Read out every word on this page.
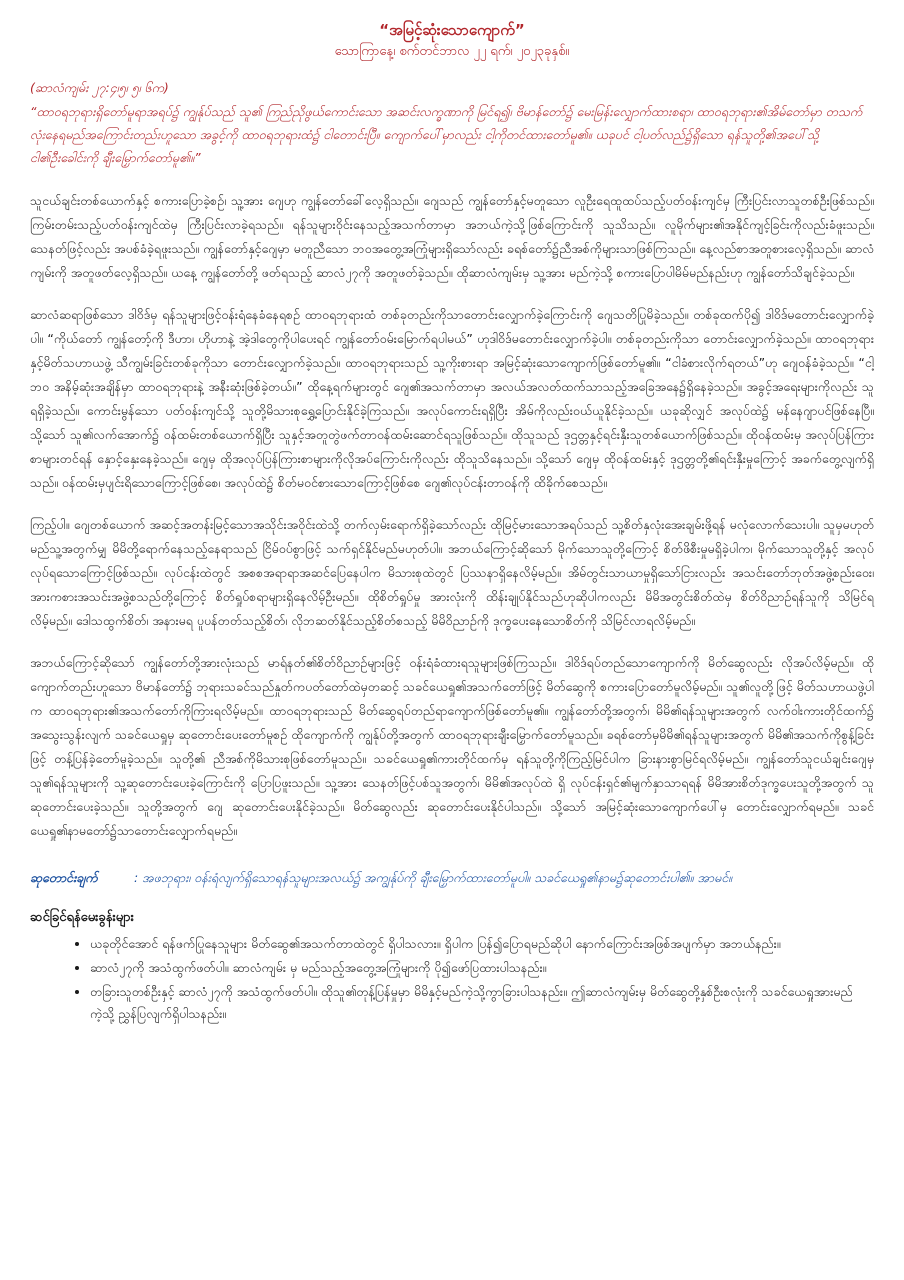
“အမြင့်ဆုံးသောကျောက်”

သောကြာနေ့၊ စက်တင်ဘာလ ၂၂ ရက်၊ ၂၀၂၃ခုနှစ်။

(ဆာလံကျမ်း ၂၇:၄၊၅၊ ၅၊ ၆က)

“ထာဝရဘုရားရှိတော်မူရာအရပ်၌ ကျွန်ုပ်သည် သူ၏ ကြည်ညိုဖွယ်ကောင်းသော အဆင်းလက္ခဏာကို မြင်ရ၍၊ ဗိမာန်တော်၌ မေးမြန်းလျှောက်ထားစရာ၊ ထာဝရဘုရား၏အိမ်တော်မှာ တသက်လုံးနေရမည်အကြောင်းတည်းဟူသော အခွင့်ကို ထာဝရဘုရားထံ၌ ငါတောင်းပြီ။ ကျောက်ပေါ်မှာလည်း ငါ့ကိုတင်ထားတော်မူ၏။ ယခုပင် ငါ့ပတ်လည်၌ရှိသော ရန်သူတို့၏အပေါ်သို့ ငါ၏ဦးခေါင်းကို ချီးမြှောက်တော်မူ၏။”

သူငယ်ချင်းတစ်ယောက်နှင့် စကားပြောခဲ့စဉ်၊ သူ့အား ဂျေဟု ကျွန်တော်ခေါ်လေ့ရှိသည်။ ဂျေသည် ကျွန်တော်နှင့်မတူသော လူဦးရေထူထပ်သည့်ပတ်ဝန်းကျင်မှ ကြီးပြင်းလာသူတစ်ဦးဖြစ်သည်။ ကြမ်းတမ်းသည့်ပတ်ဝန်းကျင်ထဲမှ ကြီးပြင်းလာခဲ့ရသည်။ ရန်သူများဝိုင်းနေသည့်အသက်တာမှာ အဘယ်ကဲ့သို့ဖြစ်ကြောင်းကို သူသိသည်။ လူမိုက်များ၏အနိုင်ကျင့်ခြင်းကိုလည်းခံဖူးသည်။ သေနတ်ဖြင့်လည်း အပစ်ခံခဲ့ရဖူးသည်။ ကျွန်တော်နှင့်ဂျေမှာ မတူညီသော ဘဝအတွေ့အကြုံများရှိသော်လည်း ခရစ်တော်၌ညီအစ်ကိုများသာဖြစ်ကြသည်။ နေ့လည်စာအတူစားလေ့ရှိသည်။ ဆာလံကျမ်းကို အတူဖတ်လေ့ရှိသည်။ ယနေ့ ကျွန်တော်တို့ ဖတ်ရသည့် ဆာလံ၂၇ကို အတူဖတ်ခဲ့သည်။ ထိုဆာလံကျမ်းမှ သူ့အား မည်ကဲ့သို့ စကားပြောပါမိမ်မည်နည်းဟု ကျွန်တော်သိချင်ခဲ့သည်။

ဆာလံဆရာဖြစ်သော ဒါဝိဒ်မှ ရန်သူများဖြင့်ဝန်းရံနေခံနေရစဉ် ထာဝရဘုရားထံ တစ်ခုတည်းကိုသာတောင်းလျှောက်ခဲ့ကြောင်းကို ဂျေသတိပြုမိခဲ့သည်။ တစ်ခုထက်ပို၍ ဒါဝိဒ်မတောင်းလျှောက်ခဲ့ပါ။ “ကိုယ်တော် ကျွန်တော့်ကို ဒီဟာ၊ ဟိုဟာနဲ့ အဲ့ဒါတွေကိုပါပေးရင် ကျွန်တော်ဝမ်းမြောက်ရပါမယ်” ဟုဒါဝိဒ်မတောင်းလျှောက်ခဲ့ပါ။ တစ်ခုတည်းကိုသာ တောင်းလျှောက်ခဲ့သည်။ ထာဝရဘုရားနှင့်မိတ်သဟာယဖွဲ့ သီကျွမ်းခြင်းတစ်ခုကိုသာ တောင်းလျှောက်ခဲ့သည်။ ထာဝရဘုရားသည် သူ့ကိုးစားရာ အမြင့်ဆုံးသောကျောက်ဖြစ်တော်မူ၏။ “ငါခံစားလိုက်ရတယ်”ဟု ဂျေဝန်ခံခဲ့သည်။ “ငါ့ဘဝ အနိမ့်ဆုံးအချိန်မှာ ထာဝရဘုရားနဲ့ အနီးဆုံးဖြစ်ခဲ့တယ်။” ထိုနေ့ရက်များတွင် ဂျေ၏အသက်တာမှာ အလယ်အလတ်ထက်သာသည့်အခြေအနေ၌ရှိနေခဲ့သည်။ အခွင့်အရေးများကိုလည်း သူရရှိခဲ့သည်။ ကောင်းမွန်သော ပတ်ဝန်းကျင်သို့ သူတို့မိသားစုရွှေ့ပြောင်းနိုင်ခဲ့ကြသည်။ အလုပ်ကောင်းရရှိပြီး အိမ်ကိုလည်းဝယ်ယူနိုင်ခဲ့သည်။ ယခုဆိုလျှင် အလုပ်ထဲ၌ မန်နေဂျာပင်ဖြစ်နေပြီ။ သို့သော် သူ၏လက်အောက်၌ ဝန်ထမ်းတစ်ယောက်ရှိပြီး သူနှင့်အတူတွဲဖက်တာဝန်ထမ်းဆောင်ရသူဖြစ်သည်။ ထိုသူသည် ဒုဌတ္တနှင့်ရင်းနှီးသူတစ်ယောက်ဖြစ်သည်။ ထိုဝန်ထမ်းမှ အလုပ်ပြန်ကြားစာများတင်ရန် နှောင့်နှေးနေခဲ့သည်။ ဂျေမှ ထိုအလုပ်ပြန်ကြားစာများကိုလိုအပ်ကြောင်းကိုလည်း ထိုသူသိနေသည်။ သို့သော် ဂျေမှ ထိုဝန်ထမ်းနှင့် ဒုဌတ္တတို့၏ရင်းနှီးမှုကြောင့် အခက်တွေ့လျက်ရှိသည်။ ဝန်ထမ်းမှပျင်းရိသောကြောင့်ဖြစ်စေ၊ အလုပ်ထဲ၌ စိတ်မဝင်စားသောကြောင့်ဖြစ်စေ ဂျေ၏လုပ်ငန်းတာဝန်ကို ထိခိုက်စေသည်။

ကြည့်ပါ၊၊ ဂျေတစ်ယောက် အဆင့်အတန်းမြင့်သောအသိုင်းအဝိုင်းထဲသို့ တက်လှမ်းရောက်ရှိခဲ့သော်လည်း ထိုမြင့်မားသောအရပ်သည် သူ့စိတ်နှလုံးအေးချမ်းဖို့ရန် မလုံလောက်သေးပါ။ သူမှမဟုတ် မည်သူ့အတွက်မျှ မိမိတို့ရောက်နေသည့်နေရာသည် ငြိမ်ဝပ်စွာဖြင့် သက်ရှင်နိုင်မည်မဟုတ်ပါ။ အဘယ်ကြောင့်ဆိုသော် မိုက်သောသူတို့ကြောင့် စိတ်ဖိစီးမှုမရှိခဲ့ပါက၊ မိုက်သောသူတို့နှင့် အလုပ်လုပ်ရသောကြောင့်ဖြစ်သည်။ လုပ်ငန်းထဲတွင် အစစအရာရာအဆင်ပြေနေပါက မိသားစုထဲတွင် ပြဿနာရှိနေလိမ့်မည်။ အိမ်တွင်းသာယာမှုရှိသော်ငြားလည်း အသင်းတော်ဘုတ်အဖွဲ့စည်းဝေး၊ အားကစားအသင်းအဖွဲ့စသည်တို့ကြောင့် စိတ်ရှုပ်စရာများရှိနေလိမ့်ဦးမည်။ ထိုစိတ်ရှုပ်မှု အားလုံးကို ထိန်းချုပ်နိုင်သည်ဟုဆိုပါကလည်း မိမိအတွင်းစိတ်ထဲမှ စိတ်ဝိညာဉ်ရန်သူကို သိမြင်ရလိမ့်မည်။ ဒေါသထွက်စိတ်၊ အနားမရ ပူပန်တတ်သည့်စိတ်၊ လိုဘဆတ်နိုင်သည့်စိတ်စသည့် မိမိဝိညာဉ်ကို ဒုက္ခပေးနေသောစိတ်ကို သိမြင်လာရလိမ့်မည်။

အဘယ်ကြောင့်ဆိုသော် ကျွန်တော်တို့အားလုံးသည် မာရ်နတ်၏စိတ်ဝိညာဉ်များဖြင့် ဝန်းရံခံထားရသူများဖြစ်ကြသည်။ ဒါဝိဒ်ရပ်တည်သောကျောက်ကို မိတ်ဆွေလည်း လိုအပ်လိမ့်မည်။ ထိုကျောက်တည်းဟူသော ဗိမာန်တော်၌ ဘုရားသခင်သည်နှုတ်ကပတ်တော်ထဲမှတဆင့် သခင်ယေရှု၏အသက်တော်ဖြင့် မိတ်ဆွေကို စကားပြောတော်မူလိမ့်မည်။ သူ၏လူတို့ဖြင့် မိတ်သဟာယဖွဲ့ပါက ထာဝရဘုရား၏အသက်တော်ကိုကြားရလိမ့်မည်။ ထာဝရဘုရားသည် မိတ်ဆွေရပ်တည်ရာကျောက်ဖြစ်တော်မူ၏။ ကျွန်တော်တို့အတွက်၊ မိမိ၏ရန်သူများအတွက် လက်ဝါးကားတိုင်ထက်၌ အသွေးသွန်းလျက် သခင်ယေရှုမှ ဆုတောင်းပေးတော်မူစဉ် ထိုကျောက်ကို ကျွန်ုပ်တို့အတွက် ထာဝရဘုရားချီးမြှောက်တော်မူသည်။ ခရစ်တော်မှမိမိ၏ရန်သူများအတွက် မိမိ၏အသက်ကိုစွန့်ခြင်းဖြင့် တန့်ပြန်ခဲ့တော်မူခဲ့သည်။ သူတို့၏ ညီအစ်ကိုမိသားစုဖြစ်တော်မူသည်။ သခင်ယေရှု၏ကားတိုင်ထက်မှ ရန်သူတို့ကိုကြည့်မြင်ပါက ခြားနားစွာမြင်ရလိမ့်မည်။ ကျွန်တော်သူငယ်ချင်းဂျေမှ သူ၏ရန်သူများကို သူ့ဆုတောင်းပေးခဲ့ကြောင်းကို ပြောပြဖူးသည်။ သူ့အား သေနတ်ဖြင့်ပစ်သူအတွက်၊ မိမိ၏အလုပ်ထဲ ရှိ လုပ်ငန်းရှင်၏မျက်နှာသာရရန် မိမိအားစိတ်ဒုက္ခပေးသူတို့အတွက် သူဆုတောင်းပေးခဲ့သည်။ သူတို့အတွက် ဂျေ ဆုတောင်းပေးနိုင်ခဲ့သည်။ မိတ်ဆွေလည်း ဆုတောင်းပေးနိုင်ပါသည်။ သို့သော် အမြင့်ဆုံးသောကျောက်ပေါ်မှ တောင်းလျှောက်ရမည်။ သခင်ယေရှု၏နာမတော်၌သာတောင်းလျှောက်ရမည်။

ဆုတောင်းချက်	: အဖဘုရား၊ ဝန်းရံလျက်ရှိသောရန်သူများအလယ်၌ အကျွန်ုပ်ကို ချီးမြှောက်ထားတော်မူပါ။ သခင်ယေရှု၏နာမ၌ဆုတောင်းပါ၏။ အာမင်။

ဆင်ခြင်ရန်မေးခွန်းများ

• ယခုတိုင်အောင် ရန်ဖက်ပြုနေသူများ မိတ်ဆွေ၏အသက်တာထဲတွင် ရှိပါသလား။ ရှိပါက ပြန်၍ပြောရမည်ဆိုပါ နောက်ကြောင်းအဖြစ်အပျက်မှာ အဘယ်နည်း။
• ဆာလံ၂၇ကို အသံထွက်ဖတ်ပါ။ ဆာလံကျမ်း မှ မည်သည့်အတွေ့အကြုံများကို ပို၍ဖော်ပြထားပါသနည်း။
• တခြားသူတစ်ဦးနှင့် ဆာလံ၂၇ကို အသံထွက်ဖတ်ပါ။ ထိုသူ၏တုန့်ပြန်မှုမှာ မိမိနှင့်မည်ကဲ့သို့ကွာခြားပါသနည်း။ ဤဆာလံကျမ်းမှ မိတ်ဆွေတို့နှစ်ဦးစလုံးကို သခင်ယေရှုအားမည်ကဲ့သို့ ညွှန်ပြလျက်ရှိပါသနည်း။
